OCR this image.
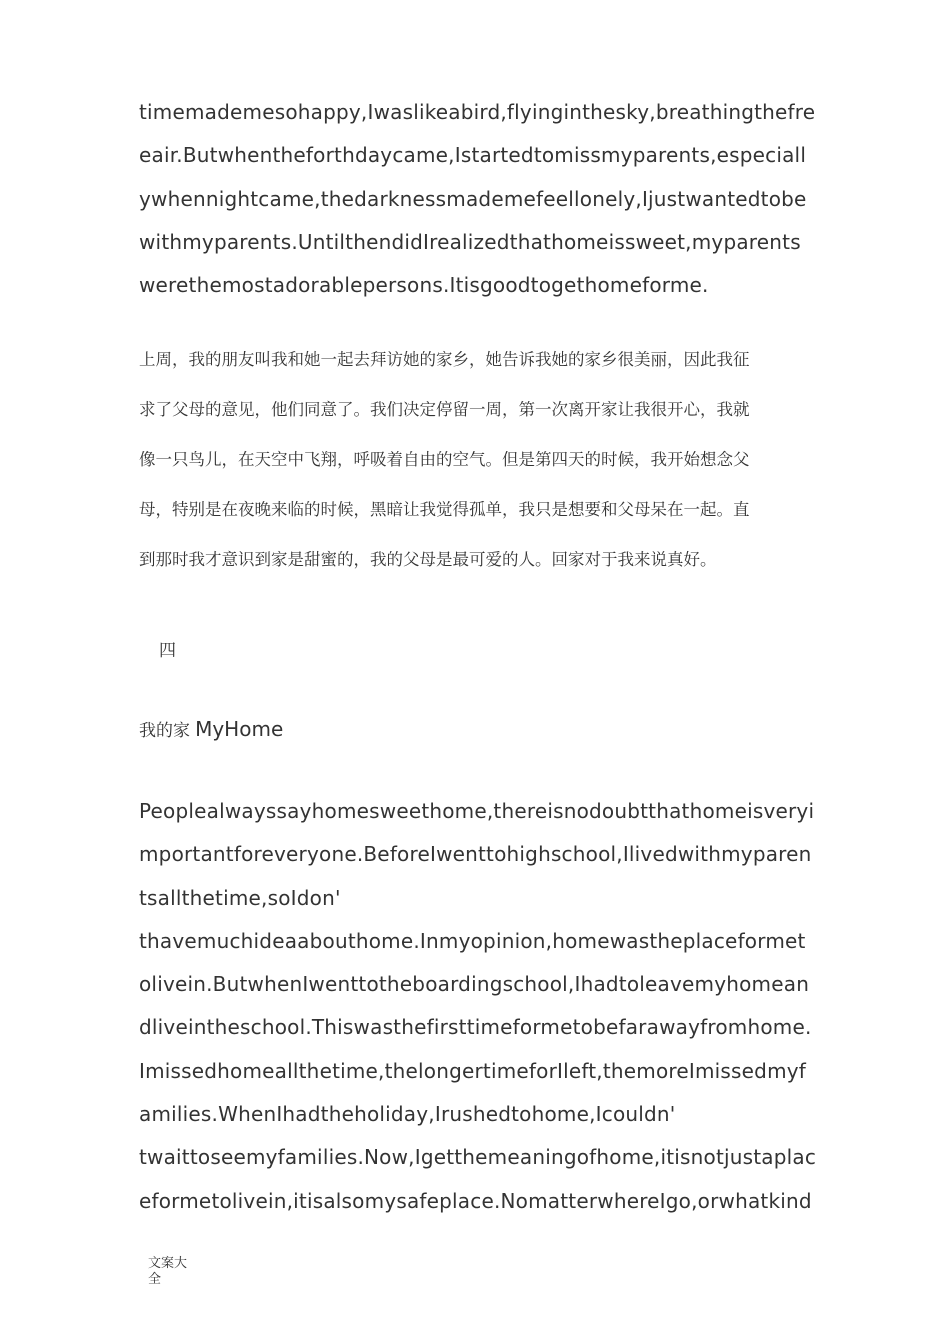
timemademesohappy,Iwaslikeabird,flyinginthesky,breathingthefre
eair.Butwhentheforthdaycame,Istartedtomissmyparents,especiall
ywhennightcame,thedarknessmademefeellonely,Ijustwantedtobe
withmyparents.UntilthendidIrealizedthathomeissweet,myparents
werethemostadorablepersons.Itisgoodtogethomeforme.
上周，我的朋友叫我和她一起去拜访她的家乡，她告诉我她的家乡很美丽，因此我征
求了父母的意见，他们同意了。我们决定停留一周，第一次离开家让我很开心，我就
像一只鸟儿，在天空中飞翔，呼吸着自由的空气。但是第四天的时候，我开始想念父
母，特别是在夜晚来临的时候，黑暗让我觉得孤单，我只是想要和父母呆在一起。直
到那时我才意识到家是甜蜜的，我的父母是最可爱的人。回家对于我来说真好。
四
我的家 MyHome
Peoplealwayssayhomesweethome,thereisnodoubtthathomeisveryi
mportantforeveryone.BeforeIwenttohighschool,Ilivedwithmyparen
tsallthetime,soIdon'
thavemuchideaabouthome.Inmyopinion,homewastheplaceformet
olivein.ButwhenIwenttotheboardingschool,Ihadtoleavemyhomean
dliveintheschool.Thiswasthefirsttimeformetobefarawayfromhome.
Imissedhomeallthetime,thelongertimeforIleft,themoreImissedmyf
amilies.WhenIhadtheholiday,Irushedtohome,Icouldn'
twaittoseemyfamilies.Now,Igetthemeaningofhome,itisnotjustaplac
eformetolivein,itisalsomysafeplace.NomatterwhereIgo,orwhatkind
文案大全
